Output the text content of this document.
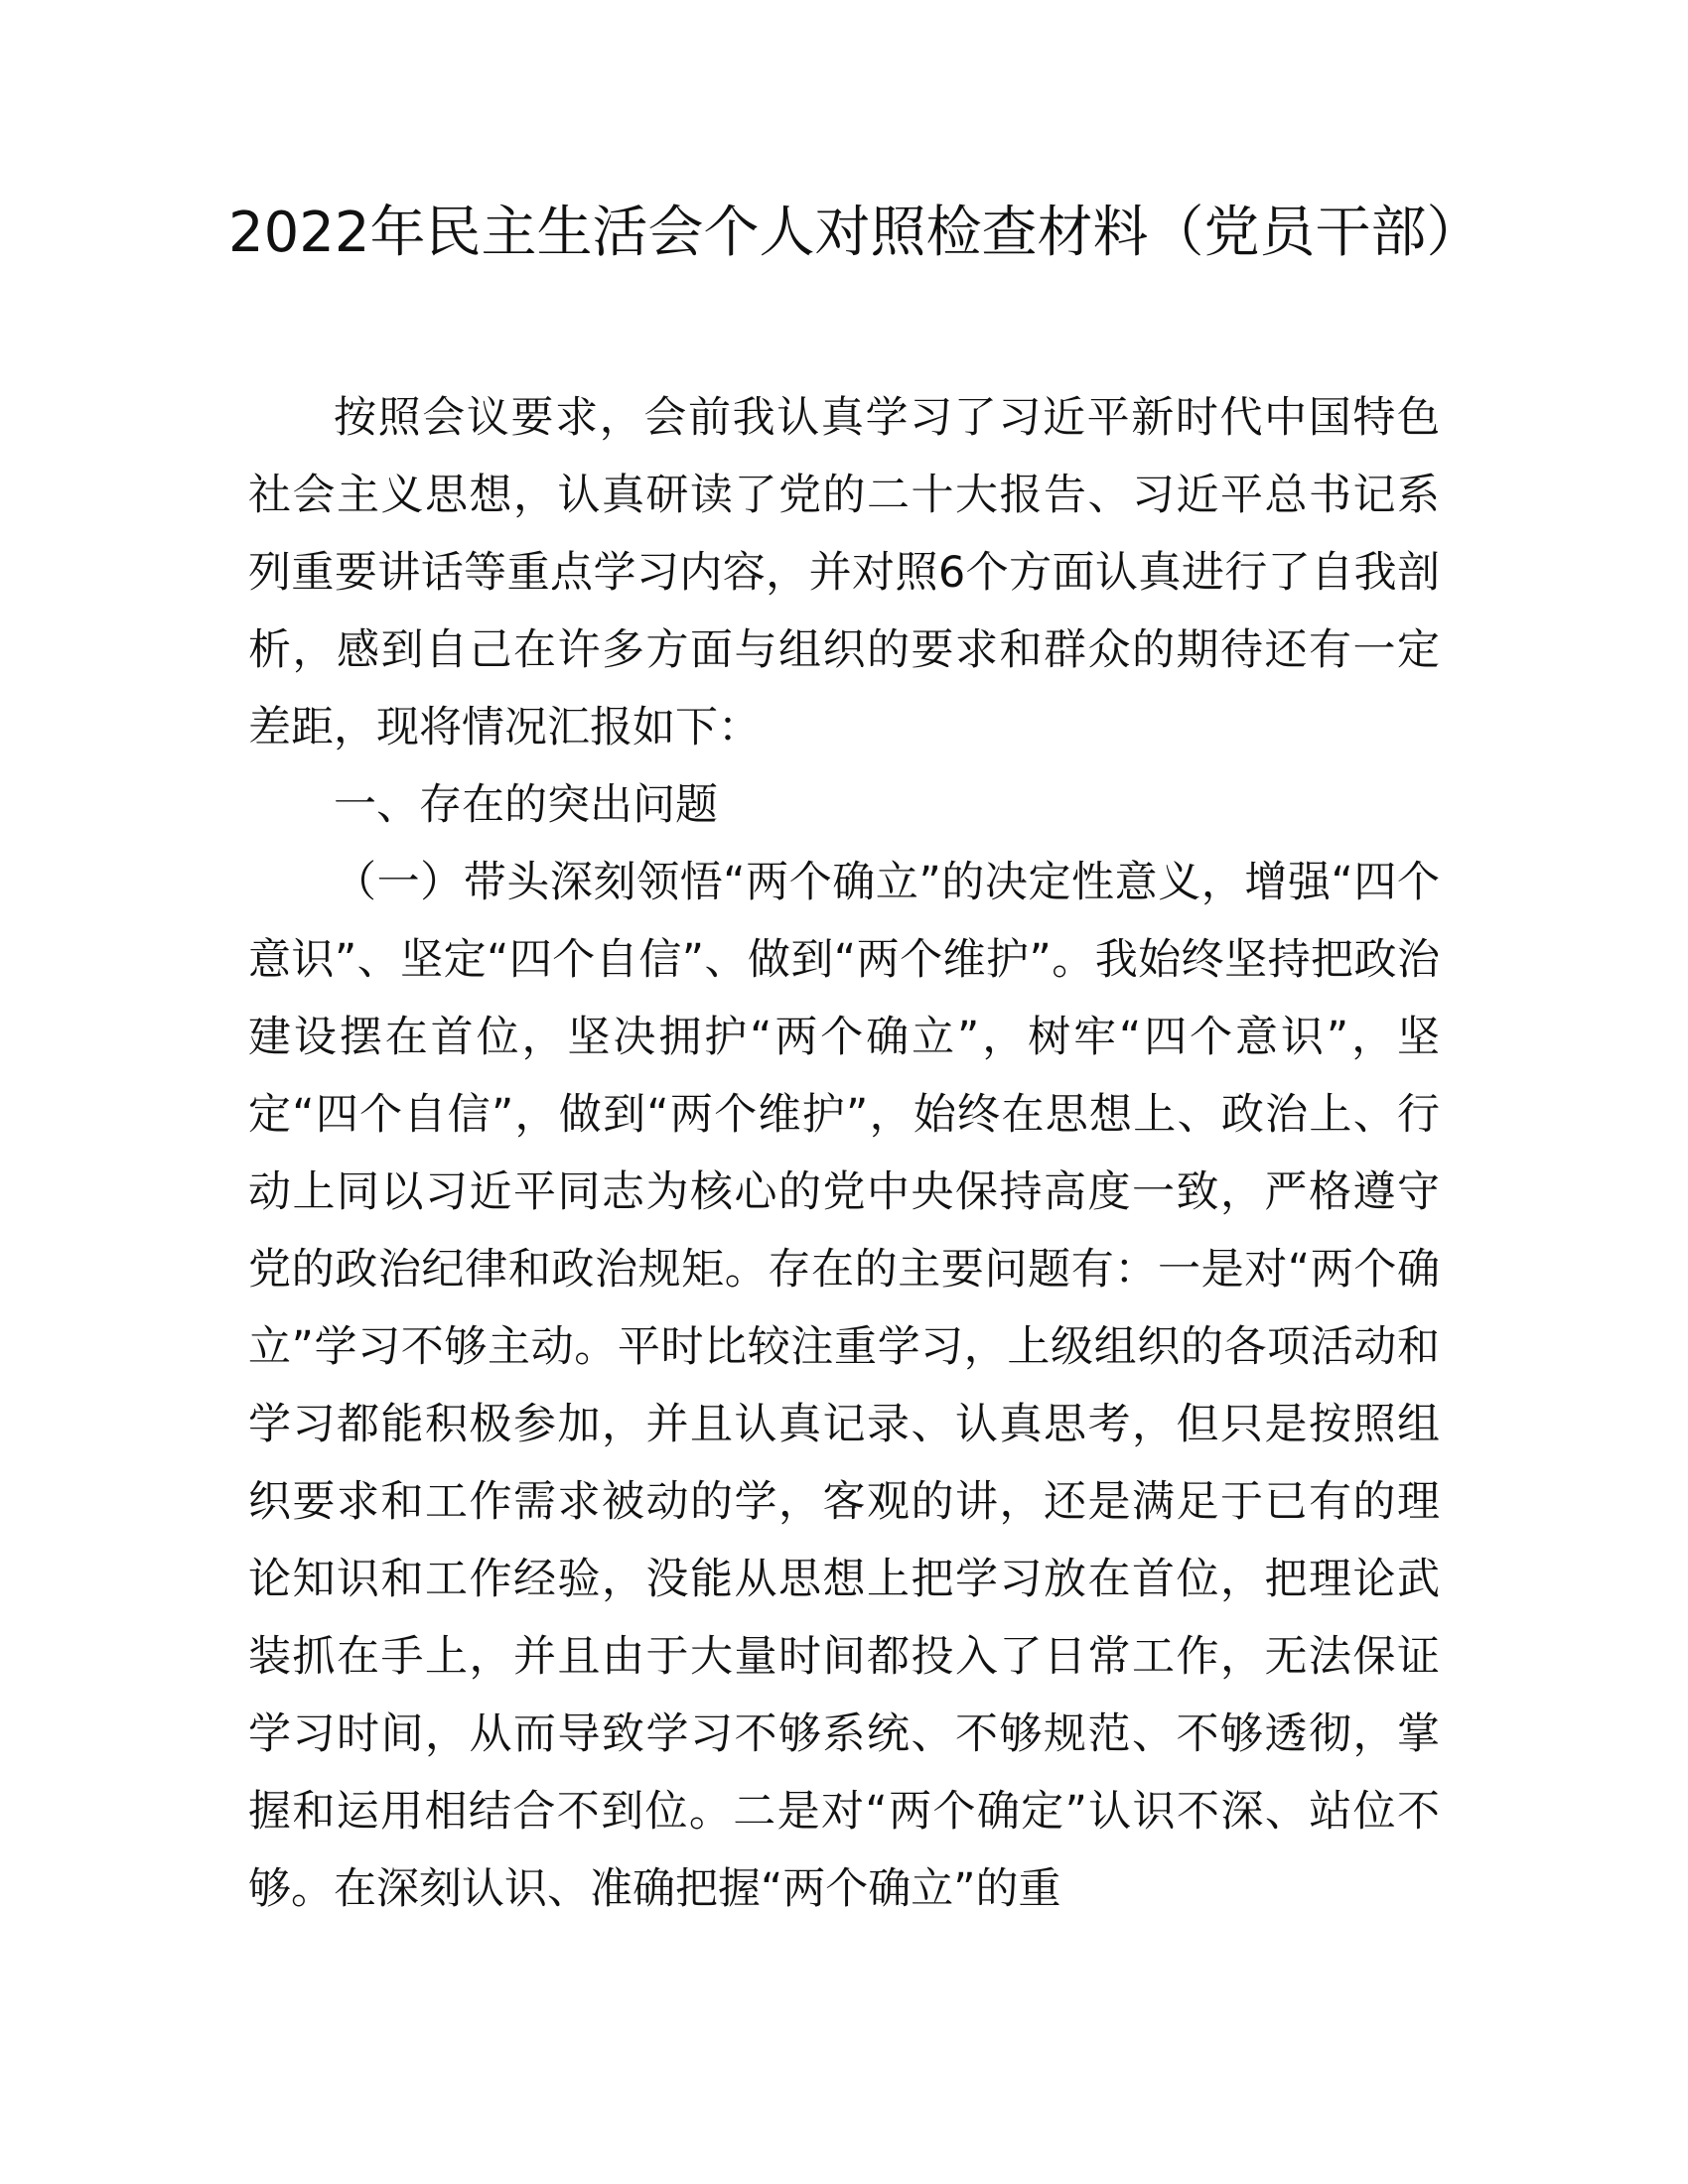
2022年民主生活会个人对照检查材料（党员干部）

按照会议要求，会前我认真学习了习近平新时代中国特色社会主义思想，认真研读了党的二十大报告、习近平总书记系列重要讲话等重点学习内容，并对照6个方面认真进行了自我剖析，感到自己在许多方面与组织的要求和群众的期待还有一定差距，现将情况汇报如下：

一、存在的突出问题

（一）带头深刻领悟“两个确立”的决定性意义，增强“四个意识”、坚定“四个自信”、做到“两个维护”。我始终坚持把政治建设摆在首位，坚决拥护“两个确立”，树牢“四个意识”，坚定“四个自信”，做到“两个维护”，始终在思想上、政治上、行动上同以习近平同志为核心的党中央保持高度一致，严格遵守党的政治纪律和政治规矩。存在的主要问题有：一是对“两个确立”学习不够主动。平时比较注重学习，上级组织的各项活动和学习都能积极参加，并且认真记录、认真思考，但只是按照组织要求和工作需求被动的学，客观的讲，还是满足于已有的理论知识和工作经验，没能从思想上把学习放在首位，把理论武装抓在手上，并且由于大量时间都投入了日常工作，无法保证学习时间，从而导致学习不够系统、不够规范、不够透彻，掌握和运用相结合不到位。二是对“两个确定”认识不深、站位不够。在深刻认识、准确把握“两个确立”的重
